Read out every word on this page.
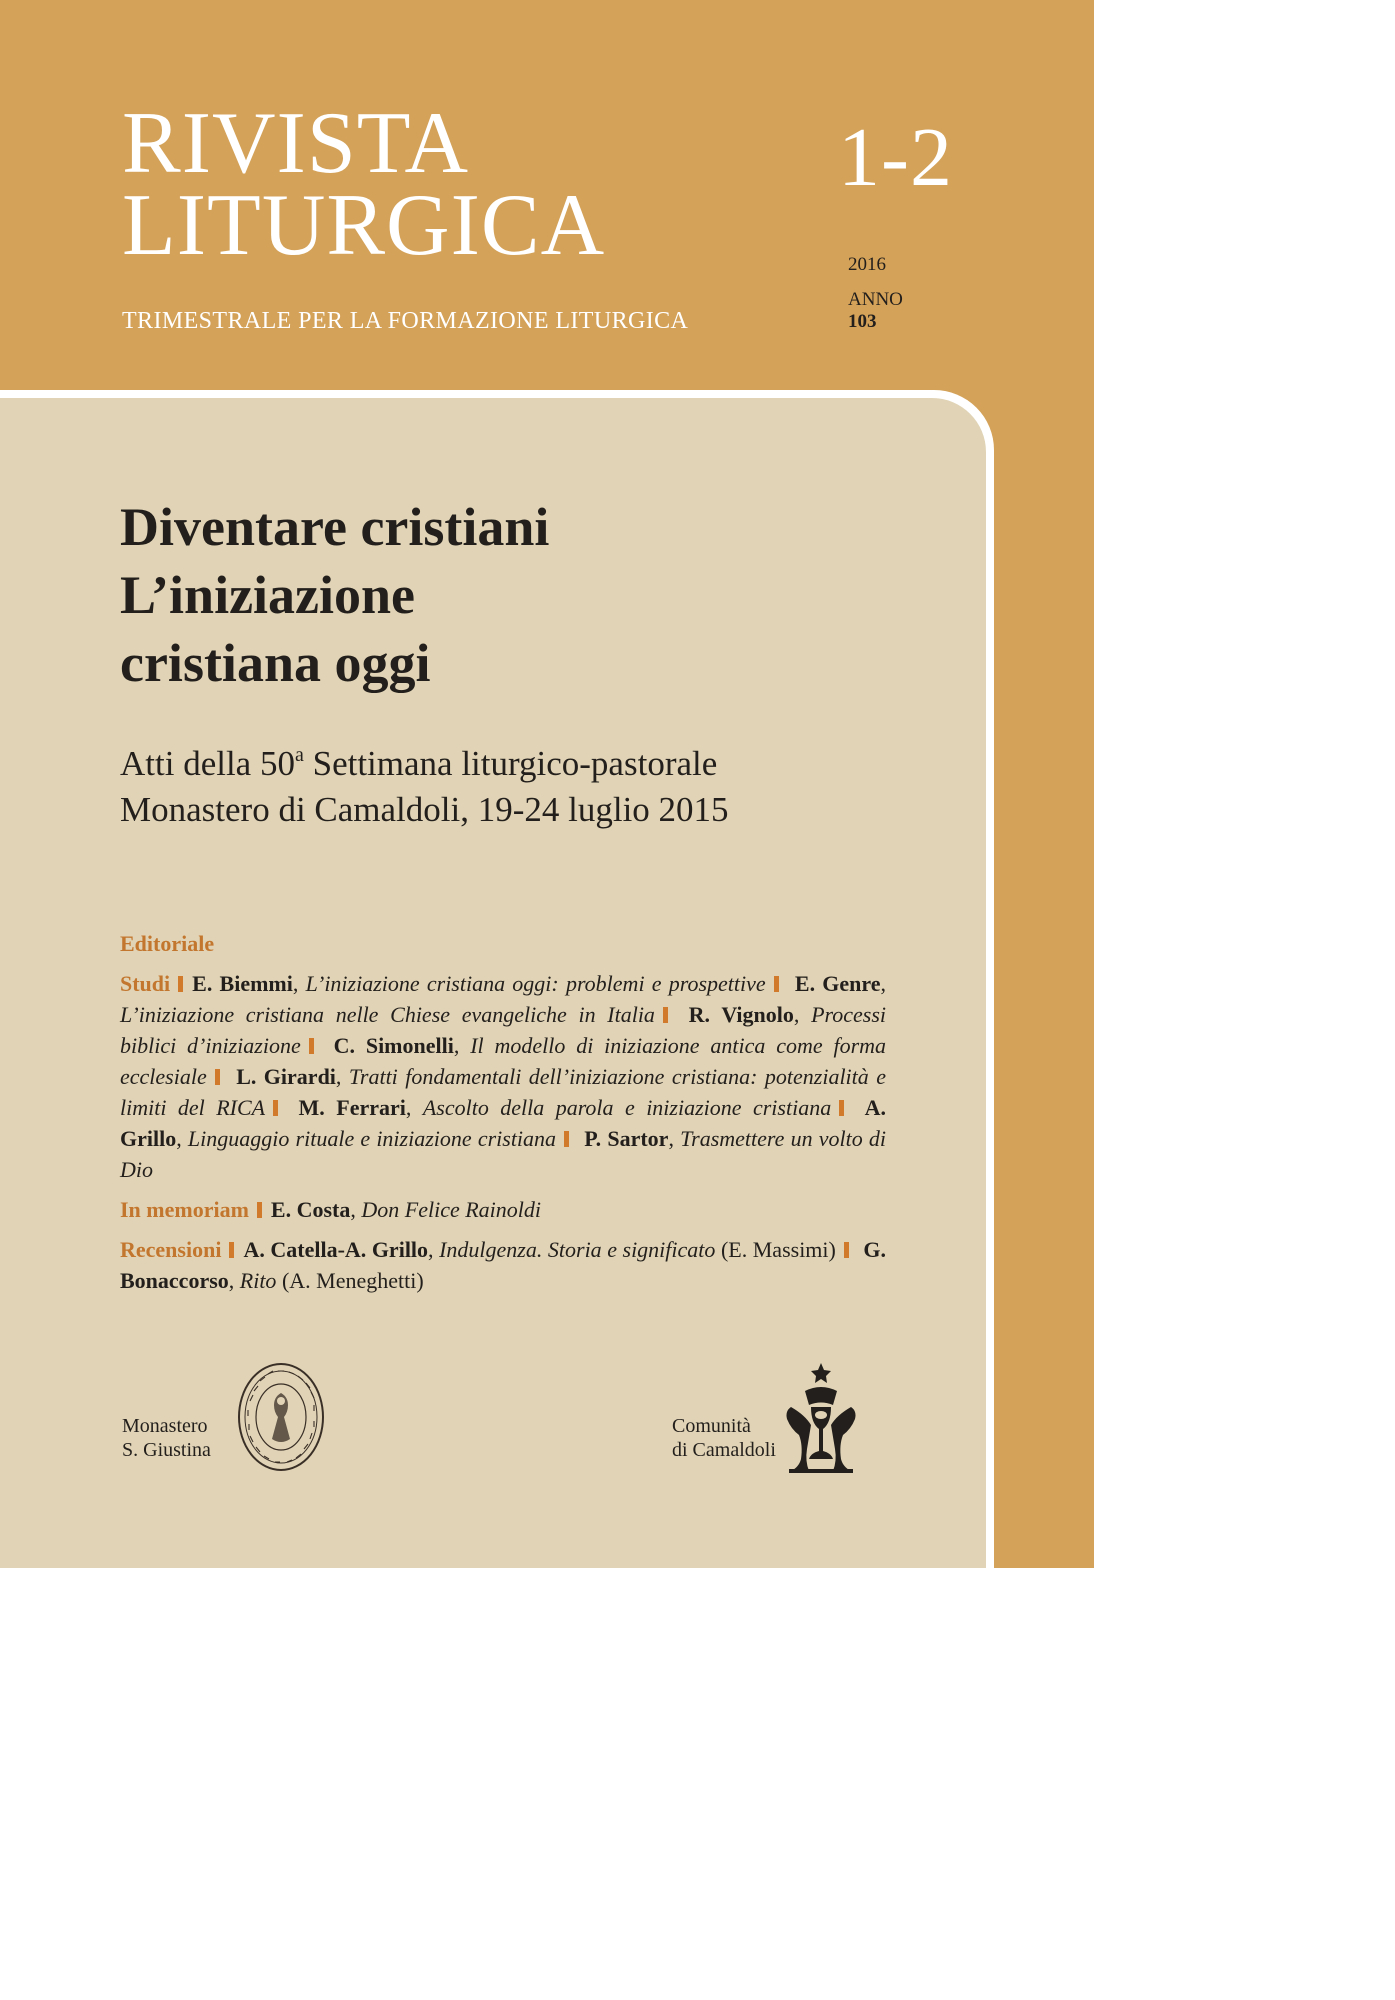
RIVISTA
LITURGICA
1-2
TRIMESTRALE PER LA FORMAZIONE LITURGICA
2016
ANNO
103
Diventare cristiani
L’iniziazione
cristiana oggi
Atti della 50$^a$ Settimana liturgico-pastorale
Monastero di Camaldoli, 19-24 luglio 2015

Editoriale

Studi E. Biemmi, L’iniziazione cristiana oggi: problemi e prospettive E. Genre, L’iniziazione cristiana nelle Chiese evangeliche in Italia R. Vignolo, Processi biblici d’iniziazione C. Simonelli, Il modello di iniziazione antica come forma ecclesiale L. Girardi, Tratti fondamentali dell’iniziazione cristiana: potenzialità e limiti del RICA M. Ferrari, Ascolto della parola e iniziazione cristiana A. Grillo, Linguaggio rituale e iniziazione cristiana P. Sartor, Trasmettere un volto di Dio

In memoriam E. Costa, Don Felice Rainoldi

Recensioni A. Catella-A. Grillo, Indulgenza. Storia e significato (E. Massimi) G. Bonaccorso, Rito (A. Meneghetti)

Monastero
S. Giustina
Comunità
di Camaldoli
